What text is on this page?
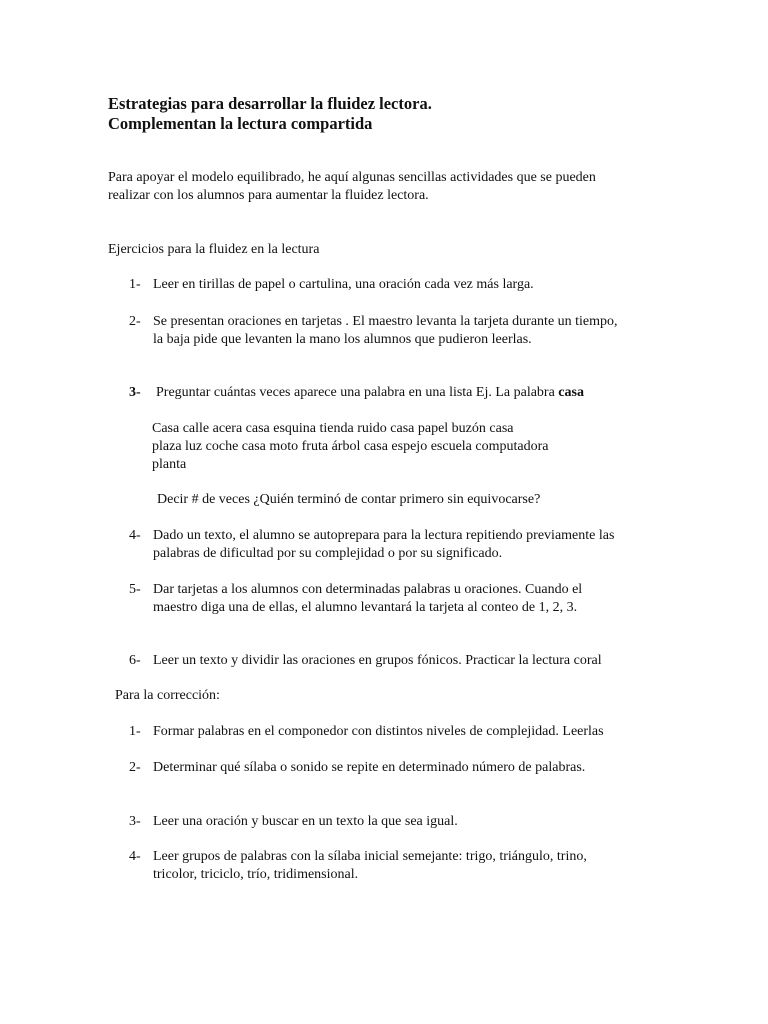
Estrategias para desarrollar la fluidez lectora.
Complementan la lectura compartida
Para apoyar el modelo equilibrado, he aquí algunas sencillas actividades que se pueden
realizar con los alumnos para aumentar la fluidez lectora.
Ejercicios para la fluidez en la lectura
1- Leer en tirillas de papel o cartulina, una oración cada vez más larga.
2- Se presentan oraciones en tarjetas . El maestro levanta la tarjeta durante un tiempo,
la baja pide que levanten la mano los alumnos que pudieron leerlas.
3- Preguntar cuántas veces aparece una palabra en una lista Ej. La palabra casa
Casa calle acera casa esquina tienda ruido casa papel buzón casa
plaza luz coche casa moto fruta árbol casa espejo escuela computadora
planta
Decir # de veces ¿Quién terminó de contar primero sin equivocarse?
4- Dado un texto, el alumno se autoprepara para la lectura repitiendo previamente las
palabras de dificultad por su complejidad o por su significado.
5- Dar tarjetas a los alumnos con determinadas palabras u oraciones. Cuando el
maestro diga una de ellas, el alumno levantará la tarjeta al conteo de 1, 2, 3.
6- Leer un texto y dividir las oraciones en grupos fónicos. Practicar la lectura coral
Para la corrección:
1- Formar palabras en el componedor con distintos niveles de complejidad. Leerlas
2- Determinar qué sílaba o sonido se repite en determinado número de palabras.
3- Leer una oración y buscar en un texto la que sea igual.
4- Leer grupos de palabras con la sílaba inicial semejante: trigo, triángulo, trino,
tricolor, triciclo, trío, tridimensional.
